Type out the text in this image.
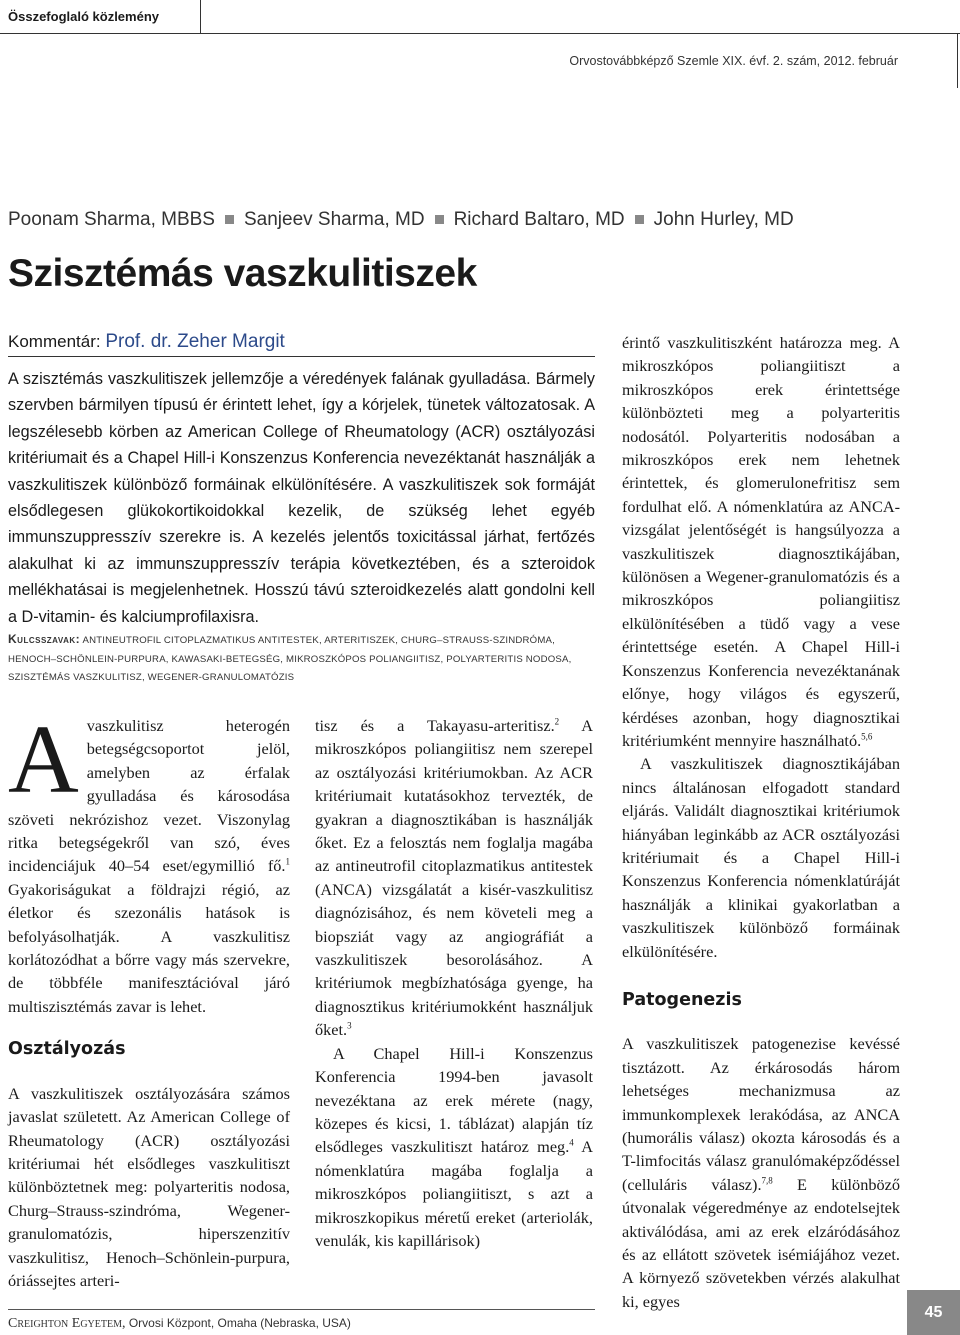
Összefoglaló közlemény
Orvostovábbképző Szemle XIX. évf. 2. szám, 2012. február
Poonam Sharma, MBBS Sanjeev Sharma, MD Richard Baltaro, MD John Hurley, MD
Szisztémás vaszkulitiszek
Kommentár: Prof. dr. Zeher Margit
A szisztémás vaszkulitiszek jellemzője a véredények falának gyulladása. Bármely szervben bármilyen típusú ér érintett lehet, így a kórjelek, tünetek változatosak. A legszélesebb körben az American College of Rheumatology (ACR) osztályozási kritériumait és a Chapel Hill-i Konszenzus Konferencia nevezéktanát használják a vaszkulitiszek különböző formáinak elkülönítésére. A vaszkulitiszek sok formáját elsődlegesen glükokortikoidokkal kezelik, de szükség lehet egyéb immunszuppresszív szerekre is. A kezelés jelentős toxicitással járhat, fertőzés alakulhat ki az immunszuppresszív terápia következtében, és a szteroidok mellékhatásai is megjelenhetnek. Hosszú távú szteroidkezelés alatt gondolni kell a D-vitamin- és kalciumprofilaxisra.
Kulcsszavak: ANTINEUTROFIL CITOPLAZMATIKUS ANTITESTEK, ARTERITISZEK, CHURG–STRAUSS-SZINDRÓMA, HENOCH–SCHÖNLEIN-PURPURA, KAWASAKI-BETEGSÉG, MIKROSZKÓPOS POLIANGIITISZ, POLYARTERITIS NODOSA, SZISZTÉMÁS VASZKULITISZ, WEGENER-GRANULOMATÓZIS

Avaszkulitisz heterogén betegségcsoportot jelöl, amelyben az érfalak gyulladása és károsodása szöveti nekrózishoz vezet. Viszonylag ritka betegségekről van szó, éves incidenciájuk 40–54 eset/egymillió fő.$^1$ Gyakoriságukat a földrajzi régió, az életkor és szezonális hatások is befolyásolhatják. A vaszkulitisz korlátozódhat a bőrre vagy más szervekre, de többféle manifesztációval járó multiszisztémás zavar is lehet.

Osztályozás

A vaszkulitiszek osztályozására számos javaslat született. Az American College of Rheumatology (ACR) osztályozási kritériumai hét elsődleges vaszkulitiszt különböztetnek meg: polyarteritis nodosa, Churg–Strauss-szindróma, Wegener-granulomatózis, hiperszenzitív vaszkulitisz, Henoch–Schönlein-purpura, óriássejtes arteri-

tisz és a Takayasu-arteritisz.$^2$ A mikroszkópos poliangiitisz nem szerepel az osztályozási kritériumokban. Az ACR kritériumait kutatásokhoz tervezték, de gyakran a diagnosztikában is használják őket. Ez a felosztás nem foglalja magába az antineutrofil citoplazmatikus antitestek (ANCA) vizsgálatát a kisér-vaszkulitisz diagnózisához, és nem követeli meg a biopsziát vagy az angiográfiát a vaszkulitiszek besorolásához. A kritériumok megbízhatósága gyenge, ha diagnosztikus kritériumokként használjuk őket.$^3$

A Chapel Hill-i Konszenzus Konferencia 1994-ben javasolt nevezéktana az erek mérete (nagy, közepes és kicsi, 1. táblázat) alapján tíz elsődleges vaszkulitiszt határoz meg.$^4$ A nómenklatúra magába foglalja a mikroszkópos poliangiitiszt, s azt a mikroszkopikus méretű ereket (arteriolák, venulák, kis kapillárisok)

érintő vaszkulitiszként határozza meg. A mikroszkópos poliangiitiszt a mikroszkópos erek érintettsége különbözteti meg a polyarteritis nodosától. Polyarteritis nodosában a mikroszkópos erek nem lehetnek érintettek, és glomerulonefritisz sem fordulhat elő. A nómenklatúra az ANCA-vizsgálat jelentőségét is hangsúlyozza a vaszkulitiszek diagnosztikájában, különösen a Wegener-granulomatózis és a mikroszkópos poliangiitisz elkülönítésében a tüdő vagy a vese érintettsége esetén. A Chapel Hill-i Konszenzus Konferencia nevezéktanának előnye, hogy világos és egyszerű, kérdéses azonban, hogy diagnosztikai kritériumként mennyire használható.$^{5,6}$

A vaszkulitiszek diagnosztikájában nincs általánosan elfogadott standard eljárás. Validált diagnosztikai kritériumok hiányában leginkább az ACR osztályozási kritériumait és a Chapel Hill-i Konszenzus Konferencia nómenklatúráját használják a klinikai gyakorlatban a vaszkulitiszek különböző formáinak elkülönítésére.

Patogenezis

A vaszkulitiszek patogenezise kevéssé tisztázott. Az érkárosodás három lehetséges mechanizmusa az immunkomplexek lerakódása, az ANCA (humorális válasz) okozta károsodás és a T-limfocitás válasz granulómaképződéssel (celluláris válasz).$^{7,8}$ E különböző útvonalak végeredménye az endotelsejtek aktiválódása, ami az erek elzáródásához és az ellátott szövetek isémiájához vezet. A környező szövetekben vérzés alakulhat ki, egyes

Creighton Egyetem, Orvosi Központ, Omaha (Nebraska, USA)
45
